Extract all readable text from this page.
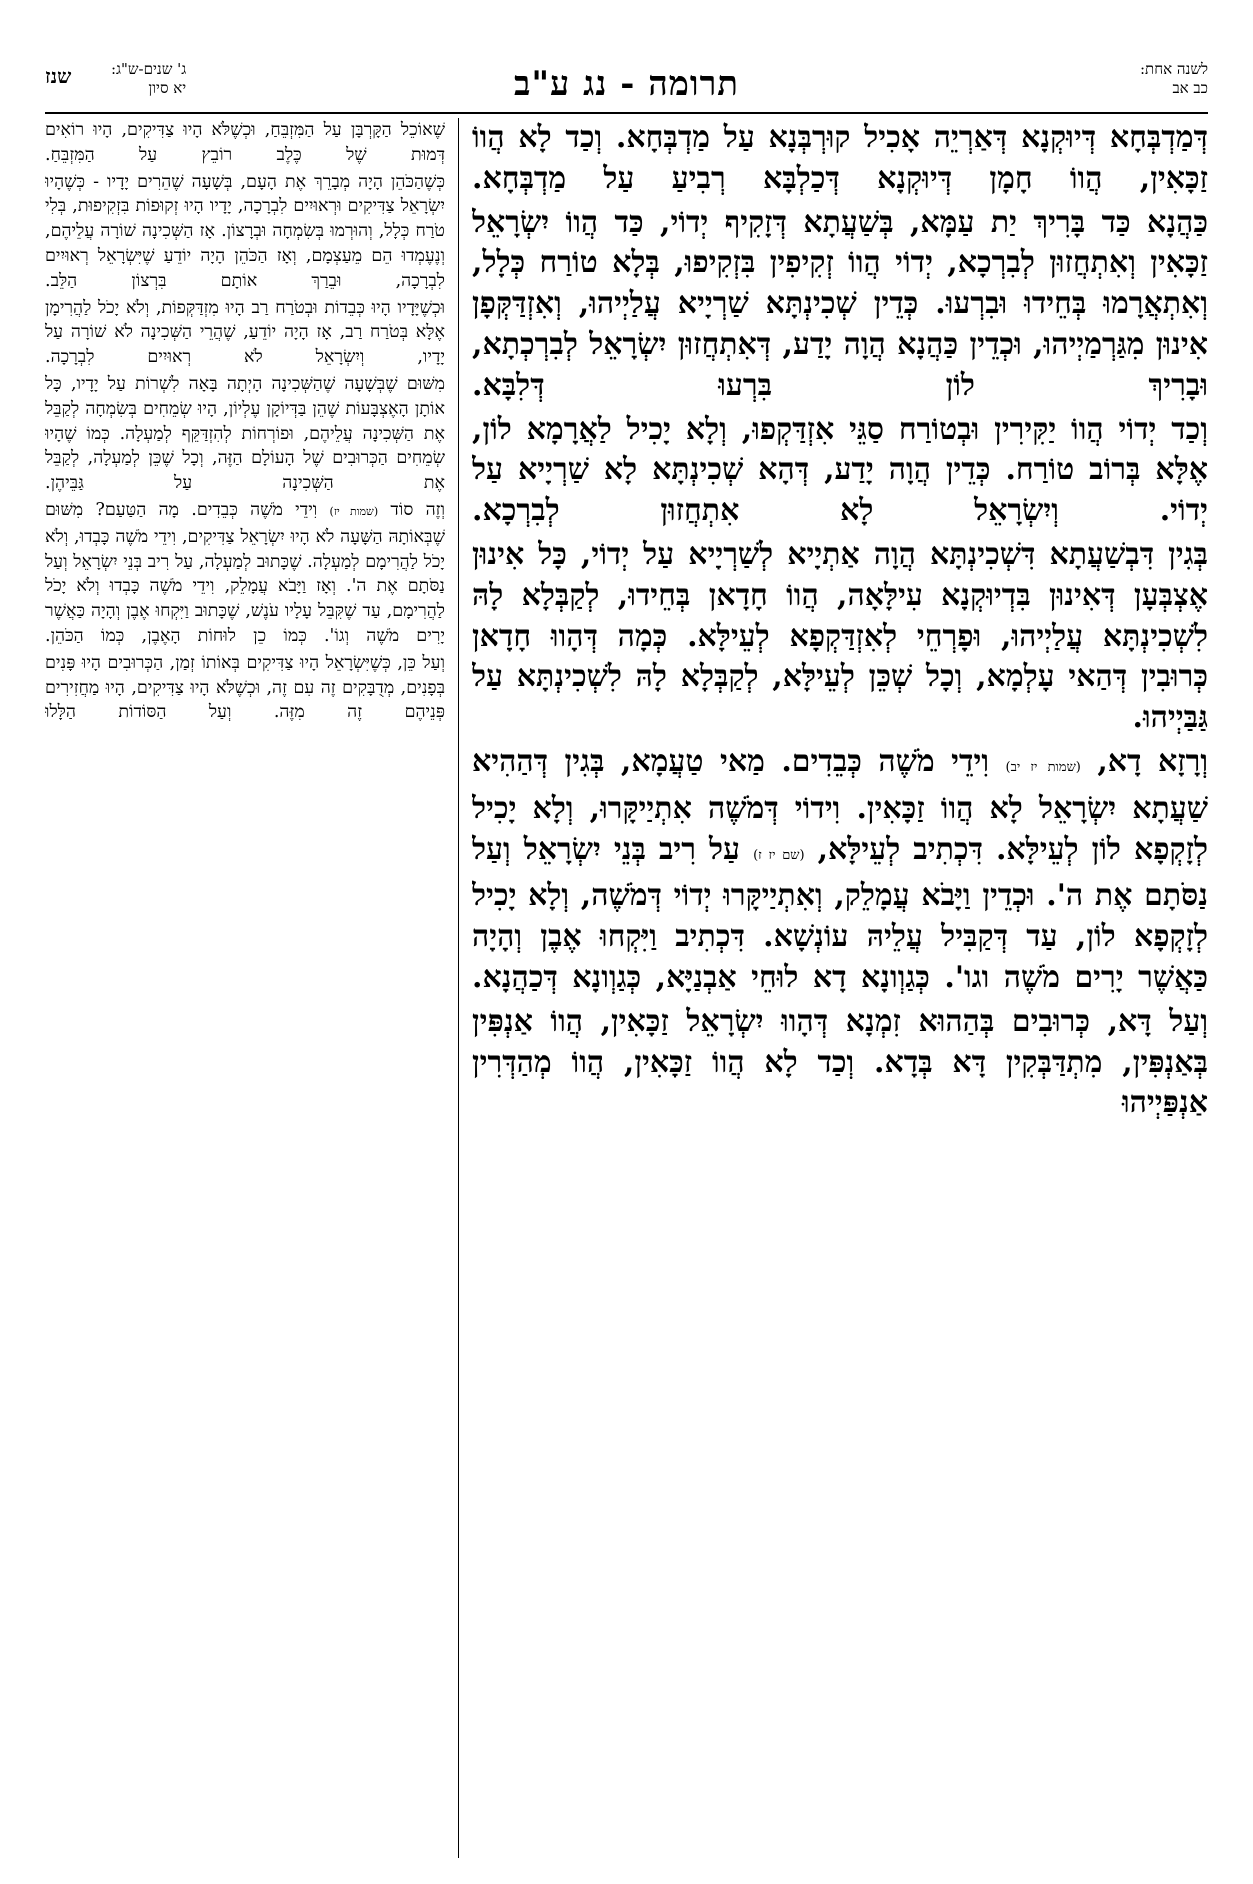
לשנה אחת:
כב אב
תרומה - נג ע"ב
ג' שנים-ש"ג:
יא סיון
שנז

דְּמַדְבְּחָא דְּיוּקְנָא דְּאַרְיֵה אָכִיל קוּרְבְּנָא עַל מַדְבְּחָא. וְכַד לָא הֲווֹ זַכָּאִין, הֲווֹ חָמָן דְּיוּקְנָא דְּכַלְבָּא רְבִיעַ עַל מַדְבְּחָא.

כַּהֲנָא כַּד בָּרִיךְ יַת עַמָּא, בְּשַׁעֲתָא דְּזָקִיף יְדוֹי, כַּד הֲווֹ יִשְׂרָאֵל זַכָּאִין וְאִתְחֲזוּן לְבִרְכָא, יְדוֹי הֲווֹ זְקִיפִין בִּזְקִיפוּ, בְּלָא טוֹרַח כְּלָל, וְאִתְאֲרָמוּ בְּחֵידוּ וּבִרְעוּ. כְּדֵין שְׁכִינְתָּא שַׁרְיָיא עֲלַיְיהוּ, וְאִזְדַּקְּפָן אִינוּן מִגַּרְמַיְיהוּ, וּכְדֵין כַּהֲנָא הֲוָה יָדַע, דְּאִתְחֲזוּן יִשְׂרָאֵל לְבִרְכְתָא, וּבָרִיךְ לוֹן בִּרְעוּ דְּלִבָּא.

וְכַד יְדוֹי הֲווֹ יַקִּירִין וּבְטוֹרַח סַגֵּי אִזְדַּקְפוּ, וְלָא יָכִיל לַאֲרָמָא לוֹן, אֶלָּא בְּרוֹב טוֹרַח. כְּדֵין הֲוָה יָדַע, דְּהָא שְׁכִינְתָּא לָא שַׁרְיָיא עַל יְדוֹי. וְיִשְׂרָאֵל לָא אִתְחֲזוּן לְבִרְכָא.

בְּגִין דִּבְשַׁעֲתָא דִּשְׁכִינְתָּא הֲוָה אַתְיָיא לְשַׁרְיָיא עַל יְדוֹי, כָּל אִינוּן אֶצְבְּעָן דְּאִינוּן בִּדְיוּקְנָא עִילָּאָה, הֲווֹ חָדָאן בְּחֵידוּ, לְקַבְּלָא לָהּ לִשְׁכִינְתָּא עֲלַיְיהוּ, וּפָרְחֵי לְאִזְדַּקְפָא לְעֵילָּא. כְּמָה דְּהָווּ חָדָאן כְּרוּבִין דְּהַאי עָלְמָא, וְכָל שְׁכֵּן לְעֵילָּא, לְקַבְּלָא לָהּ לִשְׁכִינְתָּא עַל גַּבַּיְיהוּ.

וְרָזָא דָא, (שמות יז יב) וִידֵי מֹשֶׁה כְּבֵדִים. מַאי טַעֲמָא, בְּגִין דְּהַהִיא שַׁעֲתָא יִשְׂרָאֵל לָא הֲווֹ זַכָּאִין. וִידוֹי דְּמֹשֶׁה אִתְיַיקָּרוּ, וְלָא יָכִיל לְזָקְפָא לוֹן לְעֵילָּא. דִּכְתִיב לְעֵילָּא, (שם יז ז) עַל רִיב בְּנֵי יִשְׂרָאֵל וְעַל נַסֹּתָם אֶת ה'. וּכְדֵין וַיָּבֹא עֲמָלֵק, וְאִתְיַיקָּרוּ יְדוֹי דְּמֹשֶׁה, וְלָא יָכִיל לְזָקְפָא לוֹן, עַד דְּקַבִּיל עֲלֵיהּ עוֹנְשָׁא. דִּכְתִיב וַיִּקְחוּ אֶבֶן וְהָיָה כַּאֲשֶׁר יָרִים מֹשֶׁה וגו'. כְּגַוְונָא דָא לוּחֵי אַבְנַיָּא, כְּגַוְונָא דְּכַהֲנָא.

וְעַל דָּא, כְּרוּבִים בְּהַהוּא זִמְנָא דְּהָווּ יִשְׂרָאֵל זַכָּאִין, הֲווֹ אַנְפִּין בְּאַנְפִּין, מִתְדַּבְּקִין דָּא בְּדָא. וְכַד לָא הֲווֹ זַכָּאִין, הֲווֹ מְהַדְּרִין אַנְפַּיְיהוּ

שֶׁאוֹכֵל הַקָּרְבָּן עַל הַמִּזְבֵּחַ, וּכְשֶׁלֹּא הָיוּ צַדִּיקִים, הָיוּ רוֹאִים דְּמוּת שֶׁל כֶּלֶב רוֹבֵץ עַל הַמִּזְבֵּחַ.

כְּשֶׁהַכֹּהֵן הָיָה מְבָרֵךְ אֶת הָעָם, בְּשָׁעָה שֶׁהֵרִים יָדָיו - כְּשֶׁהָיוּ יִשְׂרָאֵל צַדִּיקִים וּרְאוּיִים לִבְרָכָה, יָדָיו הָיוּ זְקוּפוֹת בִּזְקִיפוּת, בְּלִי טֹרַח כְּלָל, וְהוּרְמוּ בְּשִׂמְחָה וּבְרָצוֹן. אָז הַשְּׁכִינָה שׁוֹרָה עֲלֵיהֶם, וְנֶעֶמְדוּ הֵם מֵעַצְמָם, וְאָז הַכֹּהֵן הָיָה יוֹדֵעַ שֶׁיִּשְׂרָאֵל רְאוּיִים לִבְרָכָה, וּבֵרַךְ אוֹתָם בִּרְצוֹן הַלֵּב.

וּכְשֶׁיָּדָיו הָיוּ כְּבֵדוֹת וּבְטֹרַח רַב הָיוּ מִזְדַּקְּפוֹת, וְלֹא יָכֹל לַהֲרִימָן אֶלָּא בְּטֹרַח רַב, אָז הָיָה יוֹדֵעַ, שֶׁהֲרֵי הַשְּׁכִינָה לֹא שׁוֹרָה עַל יָדָיו, וְיִשְׂרָאֵל לֹא רְאוּיִים לִבְרָכָה.

מִשּׁוּם שֶׁבְּשָׁעָה שֶׁהַשְּׁכִינָה הָיְתָה בָּאָה לִשְׁרוֹת עַל יָדָיו, כָּל אוֹתָן הָאֶצְבָּעוֹת שֶׁהֵן בַּדְּיוֹקָן עֶלְיוֹן, הָיוּ שְׂמֵחִים בְּשִׂמְחָה לְקַבֵּל אֶת הַשְּׁכִינָה עֲלֵיהֶם, וּפוֹרְחוֹת לְהִזְדַּקֵּף לְמַעְלָה. כְּמוֹ שֶׁהָיוּ שְׂמֵחִים הַכְּרוּבִים שֶׁל הָעוֹלָם הַזֶּה, וְכָל שֶׁכֵּן לְמַעְלָה, לְקַבֵּל אֶת הַשְּׁכִינָה עַל גַּבֵּיהֶן.

וְזֶה סוֹד (שמות יז) וִידֵי מֹשֶׁה כְּבֵדִים. מָה הַטַּעַם? מִשּׁוּם שֶׁבְּאוֹתָהּ הַשָּׁעָה לֹא הָיוּ יִשְׂרָאֵל צַדִּיקִים, וִידֵי מֹשֶׁה כָּבְדוּ, וְלֹא יָכֹל לַהֲרִימָם לְמַעְלָה. שֶׁכָּתוּב לְמַעְלָה, עַל רִיב בְּנֵי יִשְׂרָאֵל וְעַל נַסֹּתָם אֶת ה'. וְאָז וַיָּבֹא עֲמָלֵק, וִידֵי מֹשֶׁה כָּבְדוּ וְלֹא יָכֹל לַהֲרִימָם, עַד שֶׁקִּבֵּל עָלָיו עֹנֶשׁ, שֶׁכָּתוּב וַיִּקְחוּ אֶבֶן וְהָיָה כַּאֲשֶׁר יָרִים מֹשֶׁה וְגוֹ'. כְּמוֹ כֵן לוּחוֹת הָאֶבֶן, כְּמוֹ הַכֹּהֵן.

וְעַל כֵּן, כְּשֶׁיִּשְׂרָאֵל הָיוּ צַדִּיקִים בְּאוֹתוֹ זְמַן, הַכְּרוּבִים הָיוּ פָּנִים בְּפָנִים, מְדֻבָּקִים זֶה עִם זֶה, וּכְשֶׁלֹּא הָיוּ צַדִּיקִים, הָיוּ מַחֲזִירִים פְּנֵיהֶם זֶה מִזֶּה. וְעַל הַסּוֹדוֹת הַלָּלוּ
